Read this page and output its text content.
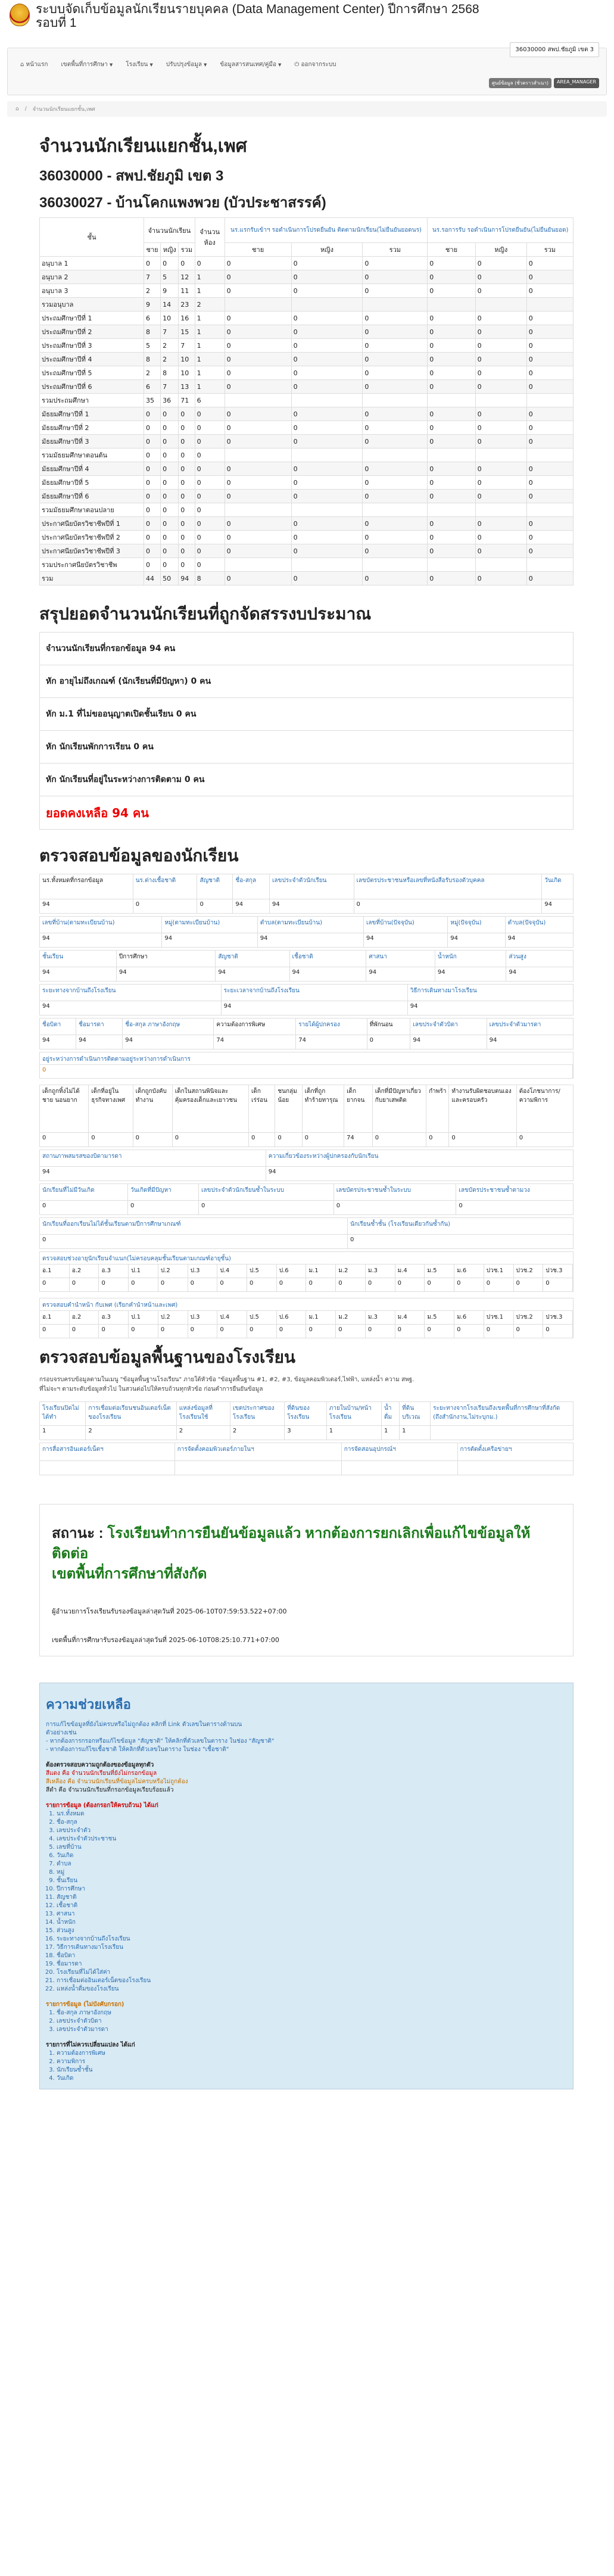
ระบบจัดเก็บข้อมูลนักเรียนรายบุคคล (Data Management Center) ปีการศึกษา 2568
รอบที่ 1
36030000 สพป.ชัยภูมิ เขต 3
⌂ หน้าแรก	เขตพื้นที่การศึกษา ▼	โรงเรียน ▼	ปรับปรุงข้อมูล ▼	ข้อมูลสารสนเทศ/คู่มือ ▼	⏻ ออกจากระบบ
ศูนย์ข้อมูล (ชั่วคราวสำเนา)	AREA_MANAGER
⌂ / จำนวนนักเรียนแยกชั้น,เพศ
จำนวนนักเรียนแยกชั้น,เพศ
36030000 - สพป.ชัยภูมิ เขต 3
36030027 - บ้านโคกแพงพวย (บัวประชาสรรค์)
ชั้น	จำนวนนักเรียน			จำนวนห้อง	นร.แรกรับเข้าฯ รอดำเนินการโปรดยืนยัน ติดตามนักเรียน(ไม่ยืนยันยอดนร)			นร.รอการรับ รอดำเนินการโปรดยืนยัน(ไม่ยืนยันยอด)		
	ชาย	หญิง	รวม		ชาย	หญิง	รวม	ชาย	หญิง	รวม
อนุบาล 1	0	0	0	0	0	0	0	0	0	0
อนุบาล 2	7	5	12	1	0	0	0	0	0	0
อนุบาล 3	2	9	11	1	0	0	0	0	0	0
รวมอนุบาล	9	14	23	2						
ประถมศึกษาปีที่ 1	6	10	16	1	0	0	0	0	0	0
ประถมศึกษาปีที่ 2	8	7	15	1	0	0	0	0	0	0
ประถมศึกษาปีที่ 3	5	2	7	1	0	0	0	0	0	0
ประถมศึกษาปีที่ 4	8	2	10	1	0	0	0	0	0	0
ประถมศึกษาปีที่ 5	2	8	10	1	0	0	0	0	0	0
ประถมศึกษาปีที่ 6	6	7	13	1	0	0	0	0	0	0
รวมประถมศึกษา	35	36	71	6						
มัธยมศึกษาปีที่ 1	0	0	0	0	0	0	0	0	0	0
มัธยมศึกษาปีที่ 2	0	0	0	0	0	0	0	0	0	0
มัธยมศึกษาปีที่ 3	0	0	0	0	0	0	0	0	0	0
รวมมัธยมศึกษาตอนต้น	0	0	0	0						
มัธยมศึกษาปีที่ 4	0	0	0	0	0	0	0	0	0	0
มัธยมศึกษาปีที่ 5	0	0	0	0	0	0	0	0	0	0
มัธยมศึกษาปีที่ 6	0	0	0	0	0	0	0	0	0	0
รวมมัธยมศึกษาตอนปลาย	0	0	0	0						
ประกาศนียบัตรวิชาชีพปีที่ 1	0	0	0	0	0	0	0	0	0	0
ประกาศนียบัตรวิชาชีพปีที่ 2	0	0	0	0	0	0	0	0	0	0
ประกาศนียบัตรวิชาชีพปีที่ 3	0	0	0	0	0	0	0	0	0	0
รวมประกาศนียบัตรวิชาชีพ	0	0	0	0						
รวม	44	50	94	8	0	0	0	0	0	0
สรุปยอดจำนวนนักเรียนที่ถูกจัดสรรงบประมาณ
จำนวนนักเรียนที่กรอกข้อมูล 94 คน
หัก อายุไม่ถึงเกณฑ์ (นักเรียนที่มีปัญหา) 0 คน
หัก ม.1 ที่ไม่ขออนุญาตเปิดชั้นเรียน 0 คน
หัก นักเรียนพักการเรียน 0 คน
หัก นักเรียนที่อยู่ในระหว่างการติดตาม 0 คน
ยอดคงเหลือ 94 คน
ตรวจสอบข้อมูลของนักเรียน
นร.ทั้งหมดที่กรอกข้อมูล	นร.ต่างเชื้อชาติ	สัญชาติ	ชื่อ-สกุล	เลขประจำตัวนักเรียน	เลขบัตรประชาชนหรือเลขที่หนังสือรับรองตัวบุคคล	วันเกิด
94	0	0	94	94	0	94
เลขที่บ้าน(ตามทะเบียนบ้าน)	หมู่(ตามทะเบียนบ้าน)	ตำบล(ตามทะเบียนบ้าน)	เลขที่บ้าน(ปัจจุบัน)	หมู่(ปัจจุบัน)	ตำบล(ปัจจุบัน)
94	94	94	94	94	94
ชั้นเรียน	ปีการศึกษา	สัญชาติ	เชื้อชาติ	ศาสนา	น้ำหนัก	ส่วนสูง
94	94	94	94	94	94	94
ระยะทางจากบ้านถึงโรงเรียน	ระยะเวลาจากบ้านถึงโรงเรียน	วิธีการเดินทางมาโรงเรียน
94	94	94
ชื่อบิดา	ชื่อมารดา	ชื่อ-สกุล ภาษาอังกฤษ	ความต้องการพิเศษ	รายได้ผู้ปกครอง	ที่พักนอน	เลขประจำตัวบิดา	เลขประจำตัวมารดา
94	94	94	74	74	0	94	94
อยู่ระหว่างการดำเนินการติดตามอยู่ระหว่างการดำเนินการ
0
เด็กถูกทิ้งไม่ได้ชาย นอนยาก	เด็กที่อยู่ในธุรกิจทางเพศ	เด็กถูกบังคับทำงาน	เด็กในสถานพินิจและคุ้มครองเด็กและเยาวชน	เด็กเร่ร่อน	ชนกลุ่มน้อย	เด็กที่ถูกทำร้ายทารุณ	เด็กยากจน	เด็กที่มีปัญหาเกี่ยวกับยาเสพติด	กำพร้า	ทำงานรับผิดชอบตนเองและครอบครัว	ต้องโภชนาการ/ความพิการ
0	0	0	0	0	0	0	74	0	0	0	0
สถานภาพสมรสของบิดามารดา	ความเกี่ยวข้องระหว่างผู้ปกครองกับนักเรียน
94	94
นักเรียนที่ไม่มีวันเกิด	วันเกิดที่มีปัญหา	เลขประจำตัวนักเรียนซ้ำในระบบ	เลขบัตรประชาชนซ้ำในระบบ	เลขบัตรประชาชนซ้ำตามวง
0	0	0	0	0
นักเรียนที่ออกเรียนไม่ได้ชั้นเรียนตามปีการศึกษาเกณฑ์	นักเรียนซ้ำชั้น (โรงเรียนเดียวกันซ้ำกัน)
0	0
ตรวจสอบช่วงอายุนักเรียนจำแนก(ไม่ครอบคลุมชั้นเรียนตามเกณฑ์อายุชั้น)
อ.1	อ.2	อ.3	ป.1	ป.2	ป.3	ป.4	ป.5	ป.6	ม.1	ม.2	ม.3	ม.4	ม.5	ม.6	ปวช.1	ปวช.2	ปวช.3
0	0	0	0	0	0	0	0	0	0	0	0	0	0	0	0	0	0
ตรวจสอบคำนำหน้า กับเพศ (เรียกคำนำหน้าและเพศ)
อ.1	อ.2	อ.3	ป.1	ป.2	ป.3	ป.4	ป.5	ป.6	ม.1	ม.2	ม.3	ม.4	ม.5	ม.6	ปวช.1	ปวช.2	ปวช.3
0	0	0	0	0	0	0	0	0	0	0	0	0	0	0	0	0	0
ตรวจสอบข้อมูลพื้นฐานของโรงเรียน
กรอบจรบครบข้อมูลตามในเมนู "ข้อมูลพื้นฐานโรงเรียน" ภายใต้หัวข้อ "ข้อมูลพื้นฐาน #1, #2, #3, ข้อมูลคอมพิวเตอร์,ไฟฟ้า, แหล่งน้ำ ความ สพฐ.
ที่ไม่จะฯ ตามระดับข้อมูลทั่วไป ในสวนต่อไปให้ครบถ้วนทุกหัวข้อ ก่อนคำการยืนยันข้อมูล
โรงเรียนปิดไม่ได้ทำ	การเชื่อมต่อเรียนชนอินเตอร์เน็ตของโรงเรียน	แหล่งข้อมูลที่โรงเรียนใช้	เขตประกาศของโรงเรียน	ที่ดินของโรงเรียน	ภายในบ้าน/หน้าโรงเรียน	น้ำดื่ม	ที่ดินบริเวณ	ระยะทางจากโรงเรียนถึงเขตพื้นที่การศึกษาที่สังกัด (ถึงสำนักงาน,ไม่ระบุกม.)
1	2	2	2	3	1	1	1	
การสื่อสารอินเตอร์เน็ตฯ	การจัดตั้งคอมพิวเตอร์ภายในฯ	การจัดสอนอุปกรณ์ฯ	การตัดตั้งเครือข่ายฯ

สถานะ : โรงเรียนทำการยืนยันข้อมูลแล้ว หากต้องการยกเลิกเพื่อแก้ไขข้อมูลให้ติดต่อ
เขตพื้นที่การศึกษาที่สังกัด
ผู้อำนวยการโรงเรียนรับรองข้อมูลล่าสุดวันที่ 2025-06-10T07:59:53.522+07:00
เขตพื้นที่การศึกษารับรองข้อมูลล่าสุดวันที่ 2025-06-10T08:25:10.771+07:00
ความช่วยเหลือ

การแก้ไขข้อมูลที่ยังไม่ครบหรือไม่ถูกต้อง คลิกที่ Link ตัวเลขในตารางด้านบน

ตัวอย่างเช่น

- หากต้องการกรอกหรือแก้ไขข้อมูล "สัญชาติ" ให้คลิกที่ตัวเลขในตาราง ในช่อง "สัญชาติ"

- หากต้องการแก้ไขเชื้อชาติ ให้คลิกที่ตัวเลขในตาราง ในช่อง "เชื้อชาติ"

ต้องตรวจสอบความถูกต้องของข้อมูลทุกตัว

สีแดง คือ จำนวนนักเรียนที่ยังไม่กรอกข้อมูล

สีเหลือง คือ จำนวนนักเรียนที่ข้อมูลไม่ครบหรือไม่ถูกต้อง

สีดำ คือ จำนวนนักเรียนที่กรอกข้อมูลเรียบร้อยแล้ว

รายการข้อมูล (ต้องกรอกให้ครบถ้วน) ได้แก่

1. นร.ทั้งหมด
2. ชื่อ-สกุล
3. เลขประจำตัว
4. เลขประจำตัวประชาชน
5. เลขที่บ้าน
6. วันเกิด
7. ตำบล
8. หมู่
9. ชั้นเรียน
10. ปีการศึกษา
11. สัญชาติ
12. เชื้อชาติ
13. ศาสนา
14. น้ำหนัก
15. ส่วนสูง
16. ระยะทางจากบ้านถึงโรงเรียน
17. วิธีการเดินทางมาโรงเรียน
18. ชื่อบิดา
19. ชื่อมารดา
20. โรงเรียนที่ไม่ได้ใส่ค่า
21. การเชื่อมต่ออินเตอร์เน็ตของโรงเรียน
22. แหล่งน้ำดื่มของโรงเรียน

รายการข้อมูล (ไม่บังคับกรอก)

1. ชื่อ-สกุล ภาษาอังกฤษ
2. เลขประจำตัวบิดา
3. เลขประจำตัวมารดา

รายการที่ไม่ควรเปลี่ยนแปลง ได้แก่

1. ความต้องการพิเศษ
2. ความพิการ
3. นักเรียนซ้ำชั้น
4. วันเกิด
